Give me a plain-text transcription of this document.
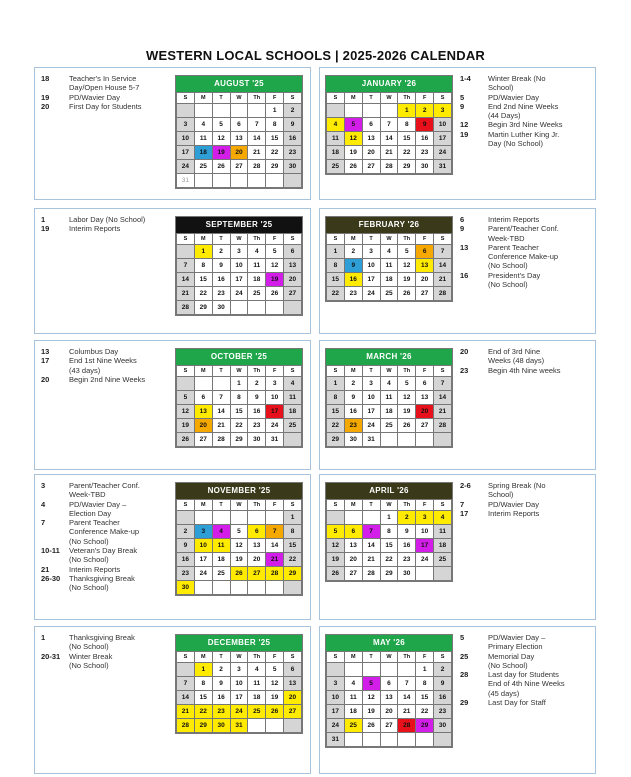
WESTERN LOCAL SCHOOLS | 2025-2026 CALENDAR
18	Teacher's In Service
Day/Open House 5-7
19	PD/Wavier Day
20	First Day for Students
AUGUST '25
S	M	T	W	Th	F	S
					1	2
3	4	5	6	7	8	9
10	11	12	13	14	15	16
17	18	19	20	21	22	23
24	25	26	27	28	29	30
31						
JANUARY '26
S	M	T	W	Th	F	S
				1	2	3
4	5	6	7	8	9	10
11	12	13	14	15	16	17
18	19	20	21	22	23	24
25	26	27	28	29	30	31
1-4	Winter Break (No
School)
5	PD/Wavier Day
9	End 2nd Nine Weeks
(44 Days)
12	Begin 3rd Nine Weeks
19	Martin Luther King Jr.
Day (No School)
1	Labor Day (No School)
19	Interim Reports	SEPTEMBER '25
S	M	T	W	Th	F	S
	1	2	3	4	5	6
7	8	9	10	11	12	13
14	15	16	17	18	19	20
21	22	23	24	25	26	27
28	29	30				
FEBRUARY '26
S	M	T	W	Th	F	S
1	2	3	4	5	6	7
8	9	10	11	12	13	14
15	16	17	18	19	20	21
22	23	24	25	26	27	28
6	Interim Reports
9	Parent/Teacher Conf.
Week-TBD
13	Parent Teacher
Conference Make-up
(No School)
16	President's Day
(No School)
13	Columbus Day
17	End 1st Nine Weeks
(43 days)
20	Begin 2nd Nine Weeks
OCTOBER '25
S	M	T	W	Th	F	S
			1	2	3	4
5	6	7	8	9	10	11
12	13	14	15	16	17	18
19	20	21	22	23	24	25
26	27	28	29	30	31	
MARCH '26
S	M	T	W	Th	F	S
1	2	3	4	5	6	7
8	9	10	11	12	13	14
15	16	17	18	19	20	21
22	23	24	25	26	27	28
29	30	31				
20	End of 3rd Nine
Weeks (48 days)
23	Begin 4th Nine weeks
3	Parent/Teacher Conf.
Week-TBD
4	PD/Wavier Day –
Election Day
7	Parent Teacher
Conference Make-up
(No School)
10-11	Veteran's Day Break
(No School)
21	Interim Reports
26-30	Thanksgiving Break
(No School)
NOVEMBER '25
S	M	T	W	Th	F	S
						1
2	3	4	5	6	7	8
9	10	11	12	13	14	15
16	17	18	19	20	21	22
23	24	25	26	27	28	29
30						
APRIL '26
S	M	T	W	Th	F	S
			1	2	3	4
5	6	7	8	9	10	11
12	13	14	15	16	17	18
19	20	21	22	23	24	25
26	27	28	29	30		
2-6	Spring Break (No
School)
7	PD/Wavier Day
17	Interim Reports
1	Thanksgiving Break
(No School)
20-31	Winter Break
(No School)
DECEMBER '25
S	M	T	W	Th	F	S
	1	2	3	4	5	6
7	8	9	10	11	12	13
14	15	16	17	18	19	20
21	22	23	24	25	26	27
28	29	30	31			
MAY '26
S	M	T	W	Th	F	S
					1	2
3	4	5	6	7	8	9
10	11	12	13	14	15	16
17	18	19	20	21	22	23
24	25	26	27	28	29	30
31						
5	PD/Wavier Day –
Primary Election
25	Memorial Day
(No School)
28	Last day for Students
End of 4th Nine Weeks
(45 days)
29	Last Day for Staff
